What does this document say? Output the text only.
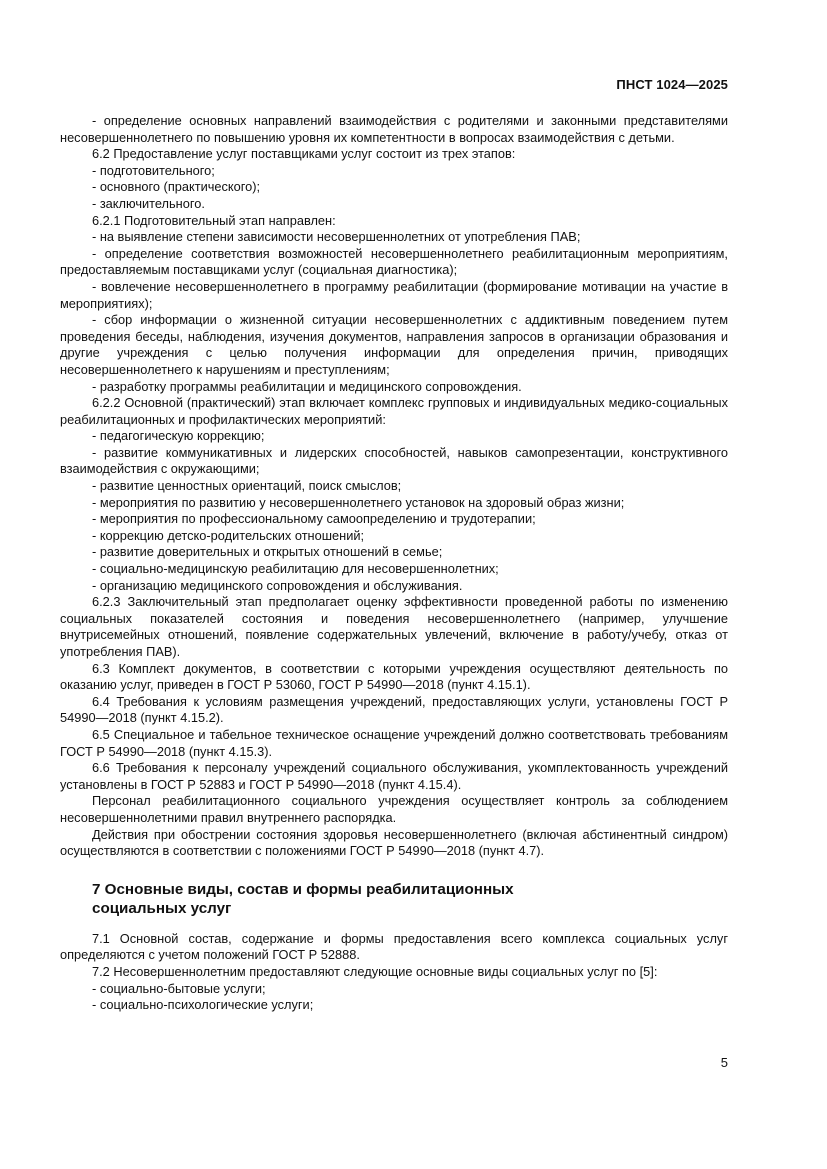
ПНСТ 1024—2025
- определение основных направлений взаимодействия с родителями и законными представителями несовершеннолетнего по повышению уровня их компетентности в вопросах взаимодействия с детьми.
6.2 Предоставление услуг поставщиками услуг состоит из трех этапов:
- подготовительного;
- основного (практического);
- заключительного.
6.2.1 Подготовительный этап направлен:
- на выявление степени зависимости несовершеннолетних от употребления ПАВ;
- определение соответствия возможностей несовершеннолетнего реабилитационным мероприятиям, предоставляемым поставщиками услуг (социальная диагностика);
- вовлечение несовершеннолетнего в программу реабилитации (формирование мотивации на участие в мероприятиях);
- сбор информации о жизненной ситуации несовершеннолетних с аддиктивным поведением путем проведения беседы, наблюдения, изучения документов, направления запросов в организации образования и другие учреждения с целью получения информации для определения причин, приводящих несовершеннолетнего к нарушениям и преступлениям;
- разработку программы реабилитации и медицинского сопровождения.
6.2.2 Основной (практический) этап включает комплекс групповых и индивидуальных медико-социальных реабилитационных и профилактических мероприятий:
- педагогическую коррекцию;
- развитие коммуникативных и лидерских способностей, навыков самопрезентации, конструктивного взаимодействия с окружающими;
- развитие ценностных ориентаций, поиск смыслов;
- мероприятия по развитию у несовершеннолетнего установок на здоровый образ жизни;
- мероприятия по профессиональному самоопределению и трудотерапии;
- коррекцию детско-родительских отношений;
- развитие доверительных и открытых отношений в семье;
- социально-медицинскую реабилитацию для несовершеннолетних;
- организацию медицинского сопровождения и обслуживания.
6.2.3 Заключительный этап предполагает оценку эффективности проведенной работы по изменению социальных показателей состояния и поведения несовершеннолетнего (например, улучшение внутрисемейных отношений, появление содержательных увлечений, включение в работу/учебу, отказ от употребления ПАВ).
6.3 Комплект документов, в соответствии с которыми учреждения осуществляют деятельность по оказанию услуг, приведен в ГОСТ Р 53060, ГОСТ Р 54990—2018 (пункт 4.15.1).
6.4 Требования к условиям размещения учреждений, предоставляющих услуги, установлены ГОСТ Р 54990—2018 (пункт 4.15.2).
6.5 Специальное и табельное техническое оснащение учреждений должно соответствовать требованиям ГОСТ Р 54990—2018 (пункт 4.15.3).
6.6 Требования к персоналу учреждений социального обслуживания, укомплектованность учреждений установлены в ГОСТ Р 52883 и ГОСТ Р 54990—2018 (пункт 4.15.4).
Персонал реабилитационного социального учреждения осуществляет контроль за соблюдением несовершеннолетними правил внутреннего распорядка.
Действия при обострении состояния здоровья несовершеннолетнего (включая абстинентный синдром) осуществляются в соответствии с положениями ГОСТ Р 54990—2018 (пункт 4.7).
7 Основные виды, состав и формы реабилитационных социальных услуг
7.1 Основной состав, содержание и формы предоставления всего комплекса социальных услуг определяются с учетом положений ГОСТ Р 52888.
7.2 Несовершеннолетним предоставляют следующие основные виды социальных услуг по [5]:
- социально-бытовые услуги;
- социально-психологические услуги;
5
